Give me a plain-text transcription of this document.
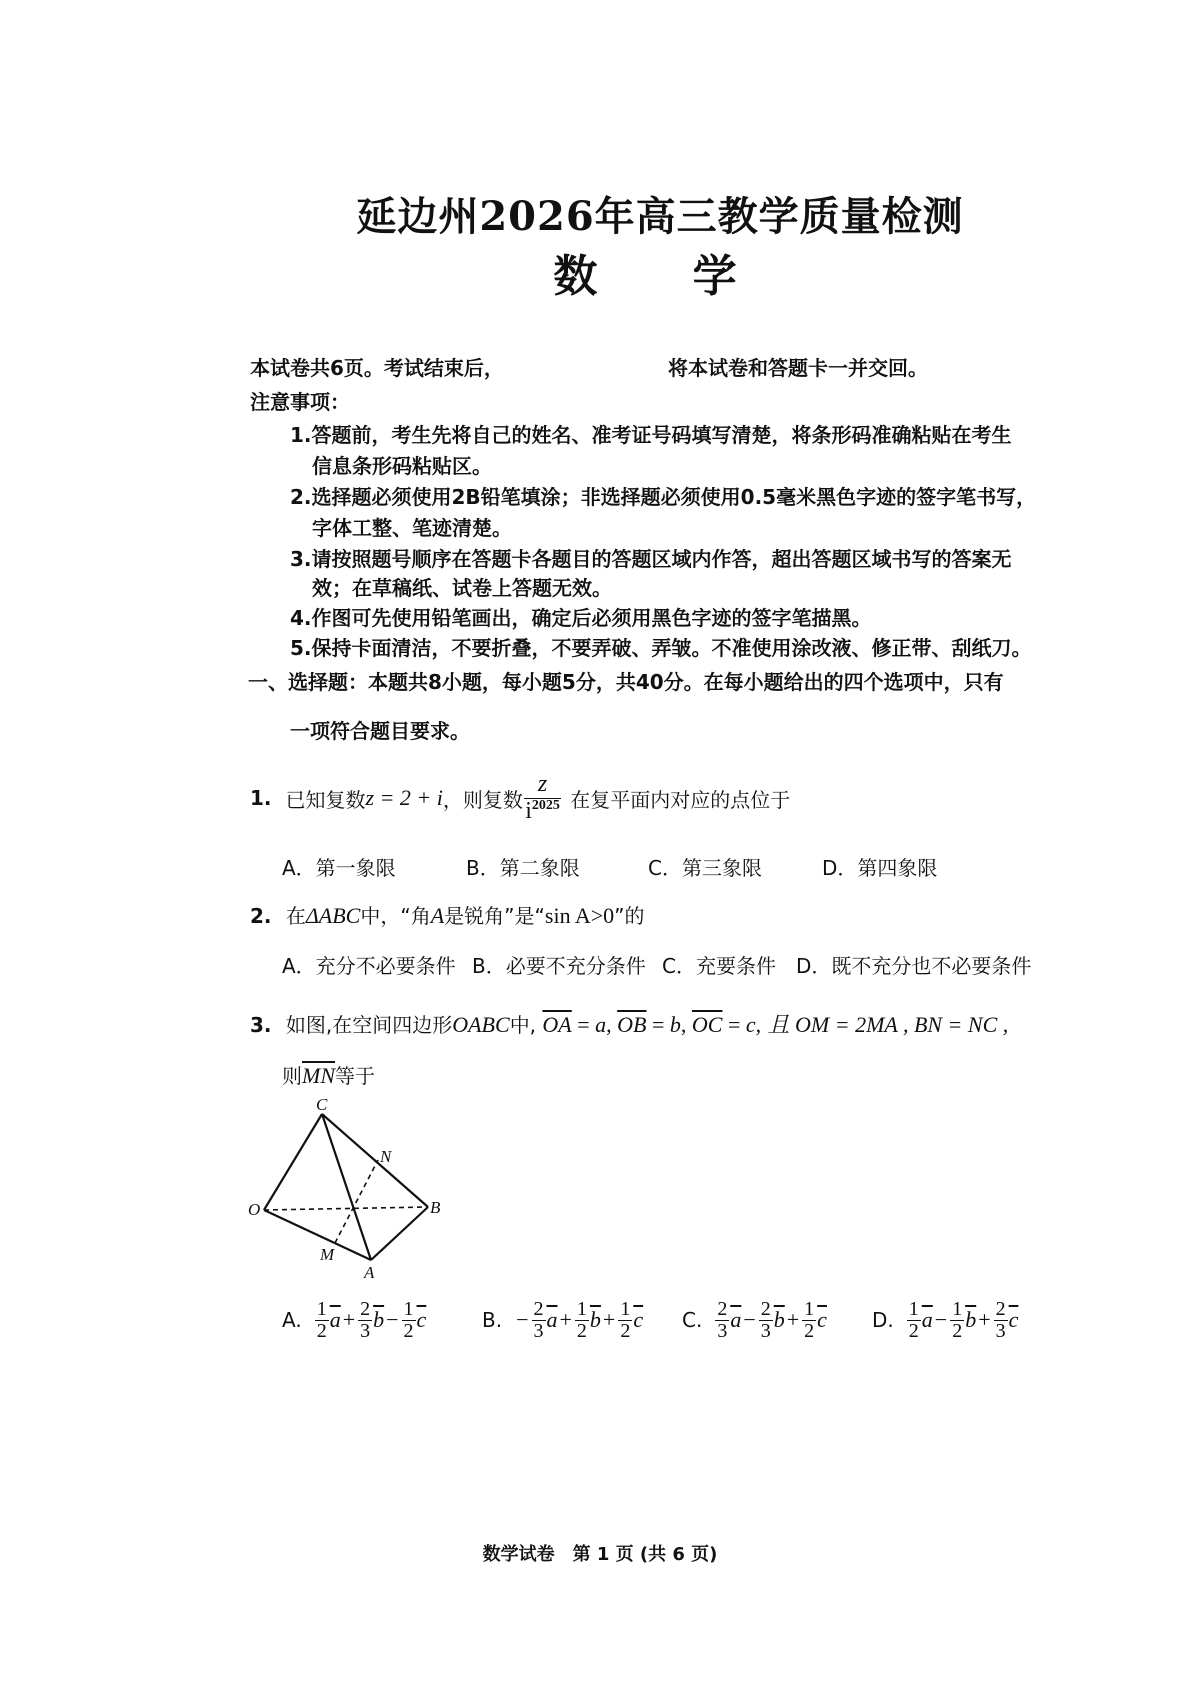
延边州2026年高三教学质量检测
数 学
本试卷共6页。考试结束后，	将本试卷和答题卡一并交回。
注意事项：
1.答题前，考生先将自己的姓名、准考证号码填写清楚，将条形码准确粘贴在考生
信息条形码粘贴区。
2.选择题必须使用2B铅笔填涂；非选择题必须使用0.5毫米黑色字迹的签字笔书写，
字体工整、笔迹清楚。
3.请按照题号顺序在答题卡各题目的答题区域内作答，超出答题区域书写的答案无
效；在草稿纸、试卷上答题无效。
4.作图可先使用铅笔画出，确定后必须用黑色字迹的签字笔描黑。
5.保持卡面清洁，不要折叠，不要弄破、弄皱。不准使用涂改液、修正带、刮纸刀。
一、选择题：本题共8小题，每小题5分，共40分。在每小题给出的四个选项中，只有
一项符合题目要求。
1. 已知复数 z = 2 + i ，则复数 $\frac{z}{i^{2025}}$ 在复平面内对应的点位于
A．第一象限	B．第二象限	C．第三象限	D．第四象限
2. 在ΔABC中，“角A是锐角”是“sin A>0”的
A．充分不必要条件 B．必要不充分条件 C．充要条件 D．既不充分也不必要条件
3. 如图,在空间四边形OABC中, $\overline{OA} = a$, $\overline{OB} = b$, $\overline{OC} = c$, 且 OM = 2MA , BN = NC ,
则$\overline{MN}$等于
C
N
O	B
M
A
A. $\frac{1}{2} \overline{a} + \frac{2}{3} \overline{b} - \frac{1}{2} \overline{c}$	B. − $\frac{2}{3} \overline{a} + \frac{1}{2} \overline{b} + \frac{1}{2} \overline{c}$ C. $\frac{2}{3} \overline{a} - \frac{2}{3} \overline{b} + \frac{1}{2} \overline{c}$ D. $\frac{1}{2} \overline{a} - \frac{1}{2} \overline{b} + \frac{2}{3} \overline{c}$
数学试卷　第 1 页 (共 6 页)
